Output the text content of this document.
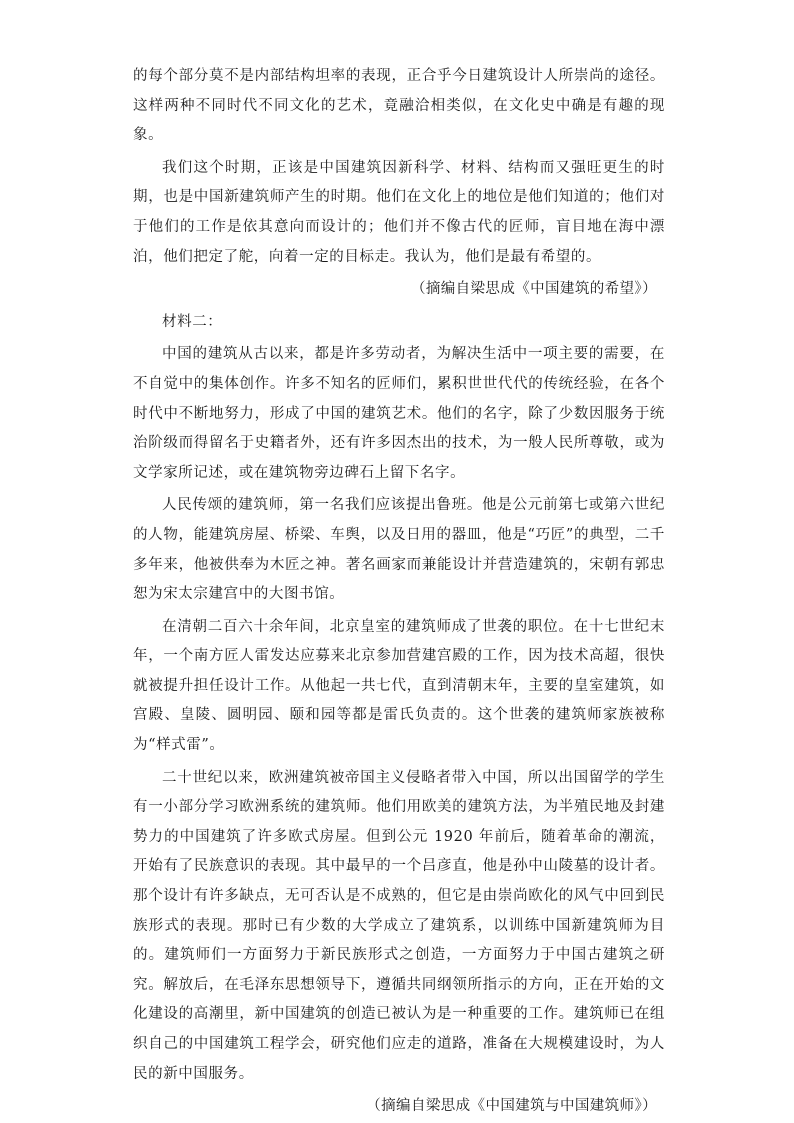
的每个部分莫不是内部结构坦率的表现，正合乎今日建筑设计人所崇尚的途径。这样两种不同时代不同文化的艺术，竟融洽相类似，在文化史中确是有趣的现象。

我们这个时期，正该是中国建筑因新科学、材料、结构而又强旺更生的时期，也是中国新建筑师产生的时期。他们在文化上的地位是他们知道的；他们对于他们的工作是依其意向而设计的；他们并不像古代的匠师，盲目地在海中漂泊，他们把定了舵，向着一定的目标走。我认为，他们是最有希望的。

（摘编自梁思成《中国建筑的希望》）

材料二：

中国的建筑从古以来，都是许多劳动者，为解决生活中一项主要的需要，在不自觉中的集体创作。许多不知名的匠师们，累积世世代代的传统经验，在各个时代中不断地努力，形成了中国的建筑艺术。他们的名字，除了少数因服务于统治阶级而得留名于史籍者外，还有许多因杰出的技术，为一般人民所尊敬，或为文学家所记述，或在建筑物旁边碑石上留下名字。

人民传颂的建筑师，第一名我们应该提出鲁班。他是公元前第七或第六世纪的人物，能建筑房屋、桥梁、车舆，以及日用的器皿，他是“巧匠”的典型，二千多年来，他被供奉为木匠之神。著名画家而兼能设计并营造建筑的，宋朝有郭忠恕为宋太宗建宫中的大图书馆。

在清朝二百六十余年间，北京皇室的建筑师成了世袭的职位。在十七世纪末年，一个南方匠人雷发达应募来北京参加营建宫殿的工作，因为技术高超，很快就被提升担任设计工作。从他起一共七代，直到清朝末年，主要的皇室建筑，如宫殿、皇陵、圆明园、颐和园等都是雷氏负责的。这个世袭的建筑师家族被称为“样式雷”。

二十世纪以来，欧洲建筑被帝国主义侵略者带入中国，所以出国留学的学生有一小部分学习欧洲系统的建筑师。他们用欧美的建筑方法，为半殖民地及封建势力的中国建筑了许多欧式房屋。但到公元 1920 年前后，随着革命的潮流，开始有了民族意识的表现。其中最早的一个吕彦直，他是孙中山陵墓的设计者。那个设计有许多缺点，无可否认是不成熟的，但它是由崇尚欧化的风气中回到民族形式的表现。那时已有少数的大学成立了建筑系，以训练中国新建筑师为目的。建筑师们一方面努力于新民族形式之创造，一方面努力于中国古建筑之研究。解放后，在毛泽东思想领导下，遵循共同纲领所指示的方向，正在开始的文化建设的高潮里，新中国建筑的创造已被认为是一种重要的工作。建筑师已在组织自己的中国建筑工程学会，研究他们应走的道路，准备在大规模建设时，为人民的新中国服务。

（摘编自梁思成《中国建筑与中国建筑师》）
